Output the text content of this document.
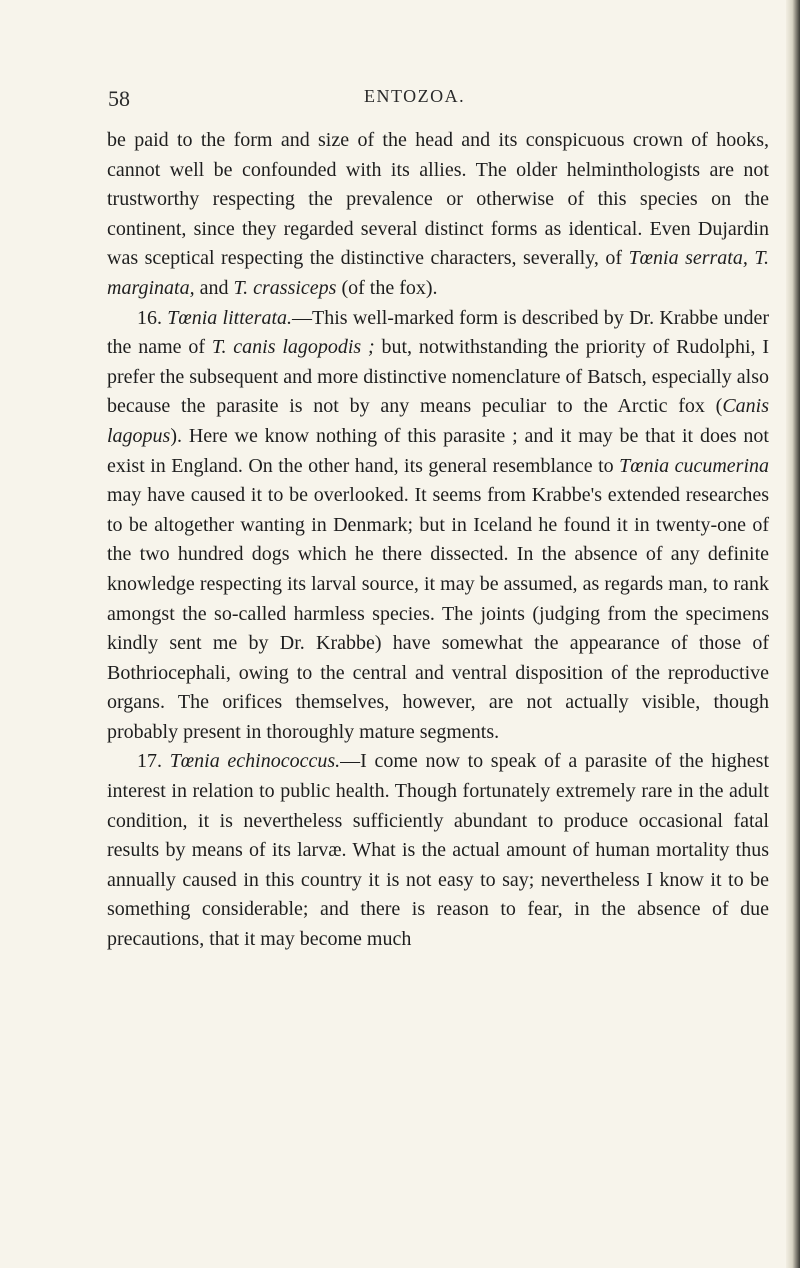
58	ENTOZOA.

be paid to the form and size of the head and its conspicuous crown of hooks, cannot well be confounded with its allies. The older helminthologists are not trustworthy respecting the prevalence or otherwise of this species on the continent, since they regarded several distinct forms as identical. Even Dujardin was sceptical respecting the distinctive characters, severally, of Tœnia serrata, T. marginata, and T. crassiceps (of the fox).

16. Tœnia litterata.—This well-marked form is described by Dr. Krabbe under the name of T. canis lagopodis ; but, notwithstanding the priority of Rudolphi, I prefer the subsequent and more distinctive nomenclature of Batsch, especially also because the parasite is not by any means peculiar to the Arctic fox (Canis lagopus). Here we know nothing of this parasite ; and it may be that it does not exist in England. On the other hand, its general resemblance to Tœnia cucumerina may have caused it to be overlooked. It seems from Krabbe's extended researches to be altogether wanting in Denmark; but in Iceland he found it in twenty-one of the two hundred dogs which he there dissected. In the absence of any definite knowledge respecting its larval source, it may be assumed, as regards man, to rank amongst the so-called harmless species. The joints (judging from the specimens kindly sent me by Dr. Krabbe) have somewhat the appearance of those of Bothriocephali, owing to the central and ventral disposition of the reproductive organs. The orifices themselves, however, are not actually visible, though probably present in thoroughly mature segments.

17. Tœnia echinococcus.—I come now to speak of a parasite of the highest interest in relation to public health. Though fortunately extremely rare in the adult condition, it is nevertheless sufficiently abundant to produce occasional fatal results by means of its larvæ. What is the actual amount of human mortality thus annually caused in this country it is not easy to say; nevertheless I know it to be something considerable; and there is reason to fear, in the absence of due precautions, that it may become much
